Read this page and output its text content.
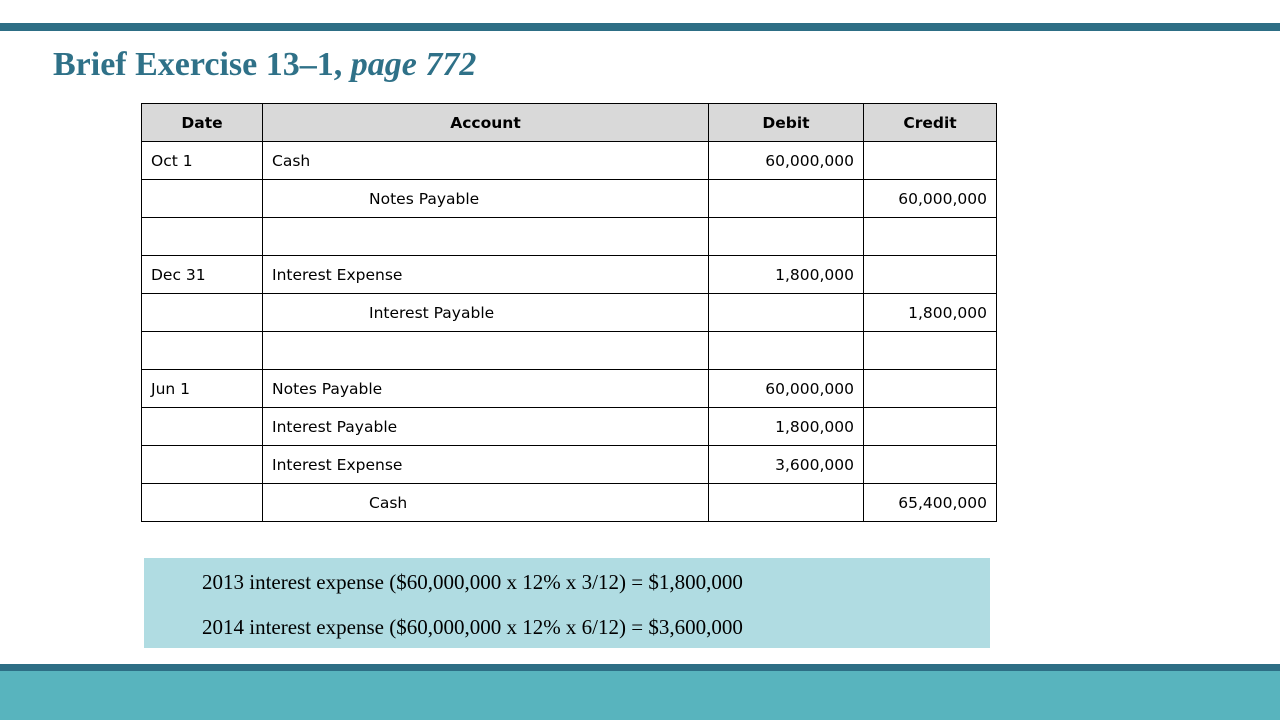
Brief Exercise 13–1, page 772
Date	Account	Debit	Credit
Oct 1	Cash	60,000,000	
	Notes Payable		60,000,000

Dec 31	Interest Expense	1,800,000	
	Interest Payable		1,800,000

Jun 1	Notes Payable	60,000,000	
	Interest Payable	1,800,000	
	Interest Expense	3,600,000	
	Cash		65,400,000
2013 interest expense ($60,000,000 x 12% x 3/12) = $1,800,000
2014 interest expense ($60,000,000 x 12% x 6/12) = $3,600,000
